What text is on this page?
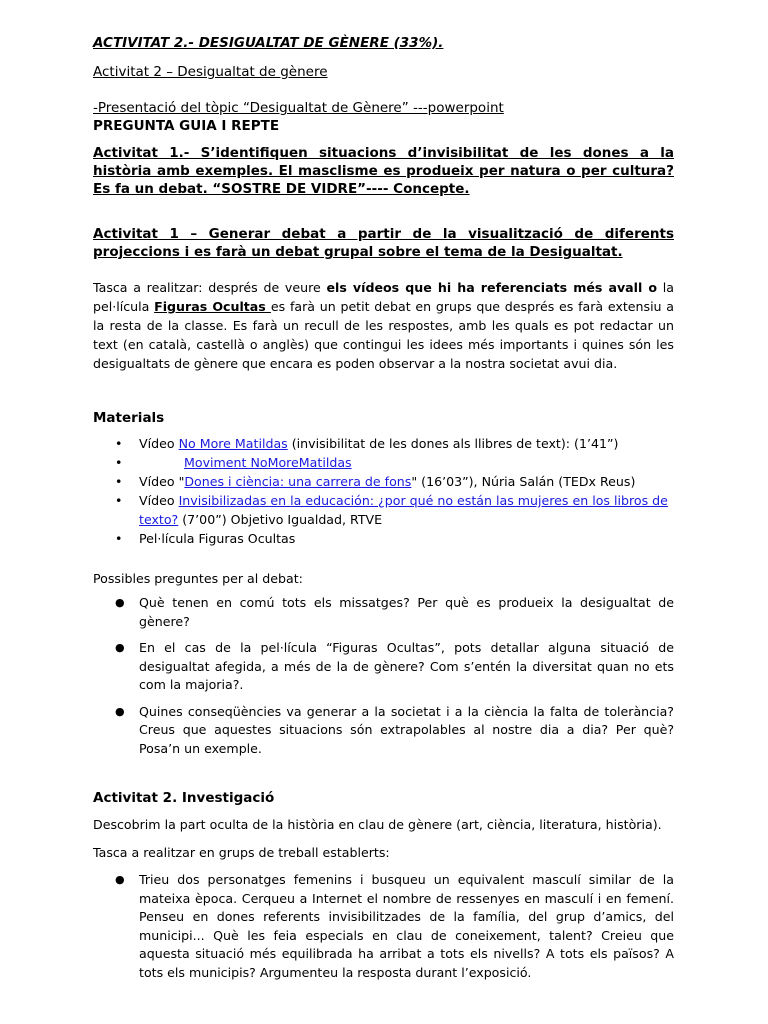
ACTIVITAT 2.- DESIGUALTAT DE GÈNERE (33%).

Activitat 2 – Desigualtat de gènere

-Presentació del tòpic “Desigualtat de Gènere” ---powerpoint

PREGUNTA GUIA I REPTE

Activitat 1.- S’identifiquen situacions d’invisibilitat de les dones a la història amb exemples. El masclisme es produeix per natura o per cultura? Es fa un debat. “SOSTRE DE VIDRE”---- Concepte.

Activitat 1 – Generar debat a partir de la visualització de diferents projeccions i es farà un debat grupal sobre el tema de la Desigualtat.

Tasca a realitzar: després de veure els vídeos que hi ha referenciats més avall o la pel·lícula Figuras Ocultas es farà un petit debat en grups que després es farà extensiu a la resta de la classe. Es farà un recull de les respostes, amb les quals es pot redactar un text (en català, castellà o anglès) que contingui les idees més importants i quines són les desigualtats de gènere que encara es poden observar a la nostra societat avui dia.

Materials

• Vídeo No More Matildas (invisibilitat de les dones als llibres de text): (1’41”)
•	Moviment NoMoreMatildas
• Vídeo "Dones i ciència: una carrera de fons" (16’03”), Núria Salán (TEDx Reus)
• Vídeo Invisibilizadas en la educación: ¿por qué no están las mujeres en los libros de texto? (7’00”) Objetivo Igualdad, RTVE
• Pel·lícula Figuras Ocultas

Possibles preguntes per al debat:

● Què tenen en comú tots els missatges? Per què es produeix la desigualtat de gènere?
● En el cas de la pel·lícula “Figuras Ocultas”, pots detallar alguna situació de desigualtat afegida, a més de la de gènere? Com s’entén la diversitat quan no ets com la majoria?.
● Quines conseqüències va generar a la societat i a la ciència la falta de tolerància? Creus que aquestes situacions són extrapolables al nostre dia a dia? Per què? Posa’n un exemple.

Activitat 2. Investigació

Descobrim la part oculta de la història en clau de gènere (art, ciència, literatura, història).

Tasca a realitzar en grups de treball establerts:

● Trieu dos personatges femenins i busqueu un equivalent masculí similar de la mateixa època. Cerqueu a Internet el nombre de ressenyes en masculí i en femení. Penseu en dones referents invisibilitzades de la família, del grup d’amics, del municipi... Què les feia especials en clau de coneixement, talent? Creieu que aquesta situació més equilibrada ha arribat a tots els nivells? A tots els països? A tots els municipis? Argumenteu la resposta durant l’exposició.
